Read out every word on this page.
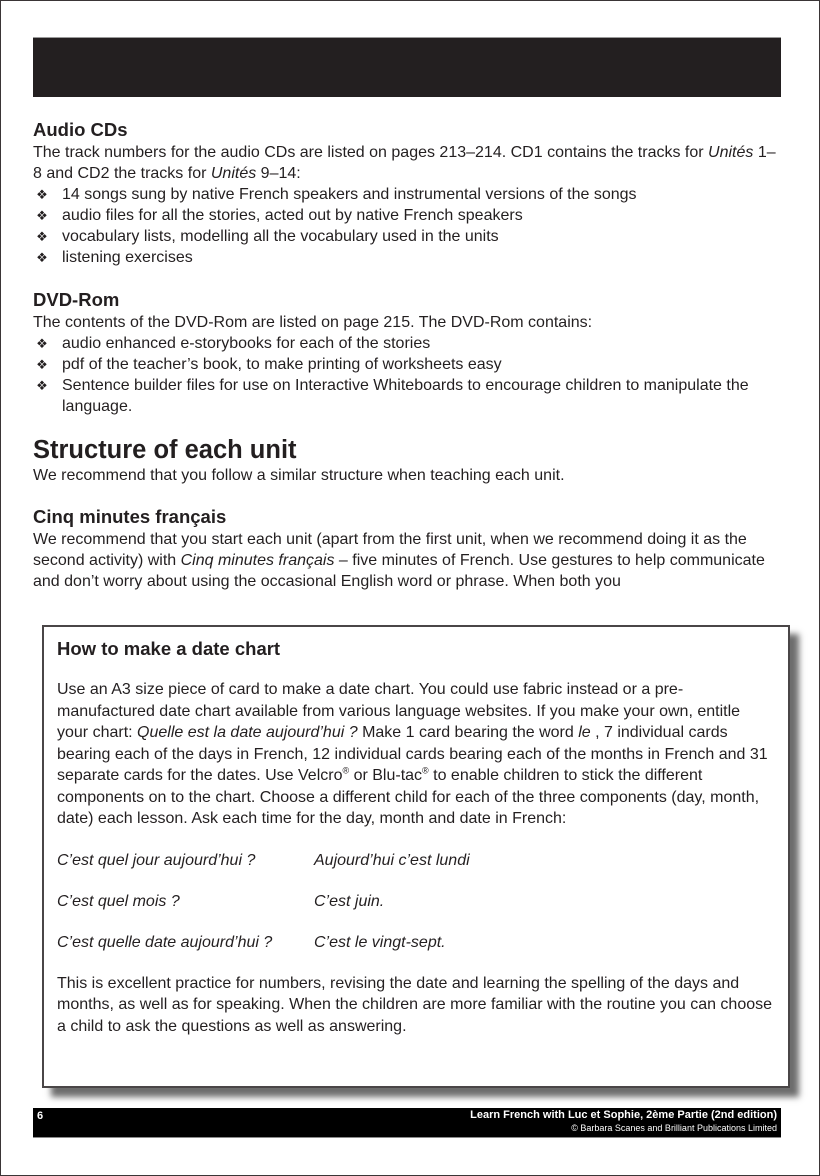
Audio CDs

The track numbers for the audio CDs are listed on pages 213–214. CD1 contains the tracks for Unités 1–8 and CD2 the tracks for Unités 9–14:

❖ 14 songs sung by native French speakers and instrumental versions of the songs
❖ audio files for all the stories, acted out by native French speakers
❖ vocabulary lists, modelling all the vocabulary used in the units
❖ listening exercises
DVD-Rom

The contents of the DVD-Rom are listed on page 215. The DVD-Rom contains:

❖ audio enhanced e-storybooks for each of the stories
❖ pdf of the teacher’s book, to make printing of worksheets easy
❖ Sentence builder files for use on Interactive Whiteboards to encourage children to manipulate the language.
Structure of each unit

We recommend that you follow a similar structure when teaching each unit.

Cinq minutes français

We recommend that you start each unit (apart from the first unit, when we recommend doing it as the second activity) with Cinq minutes français – five minutes of French. Use gestures to help communicate and don’t worry about using the occasional English word or phrase. When both you

How to make a date chart

Use an A3 size piece of card to make a date chart. You could use fabric instead or a pre-manufactured date chart available from various language websites. If you make your own, entitle your chart: Quelle est la date aujourd’hui ? Make 1 card bearing the word le , 7 individual cards bearing each of the days in French, 12 individual cards bearing each of the months in French and 31 separate cards for the dates. Use Velcro® or Blu-tac® to enable children to stick the different components on to the chart. Choose a different child for each of the three components (day, month, date) each lesson. Ask each time for the day, month and date in French:

C’est quel jour aujourd’hui ?	Aujourd’hui c’est lundi
C’est quel mois ?	C’est juin.
C’est quelle date aujourd’hui ?	C’est le vingt-sept.

This is excellent practice for numbers, revising the date and learning the spelling of the days and months, as well as for speaking. When the children are more familiar with the routine you can choose a child to ask the questions as well as answering.

6	Learn French with Luc et Sophie, 2ème Partie (2nd edition)
© Barbara Scanes and Brilliant Publications Limited
